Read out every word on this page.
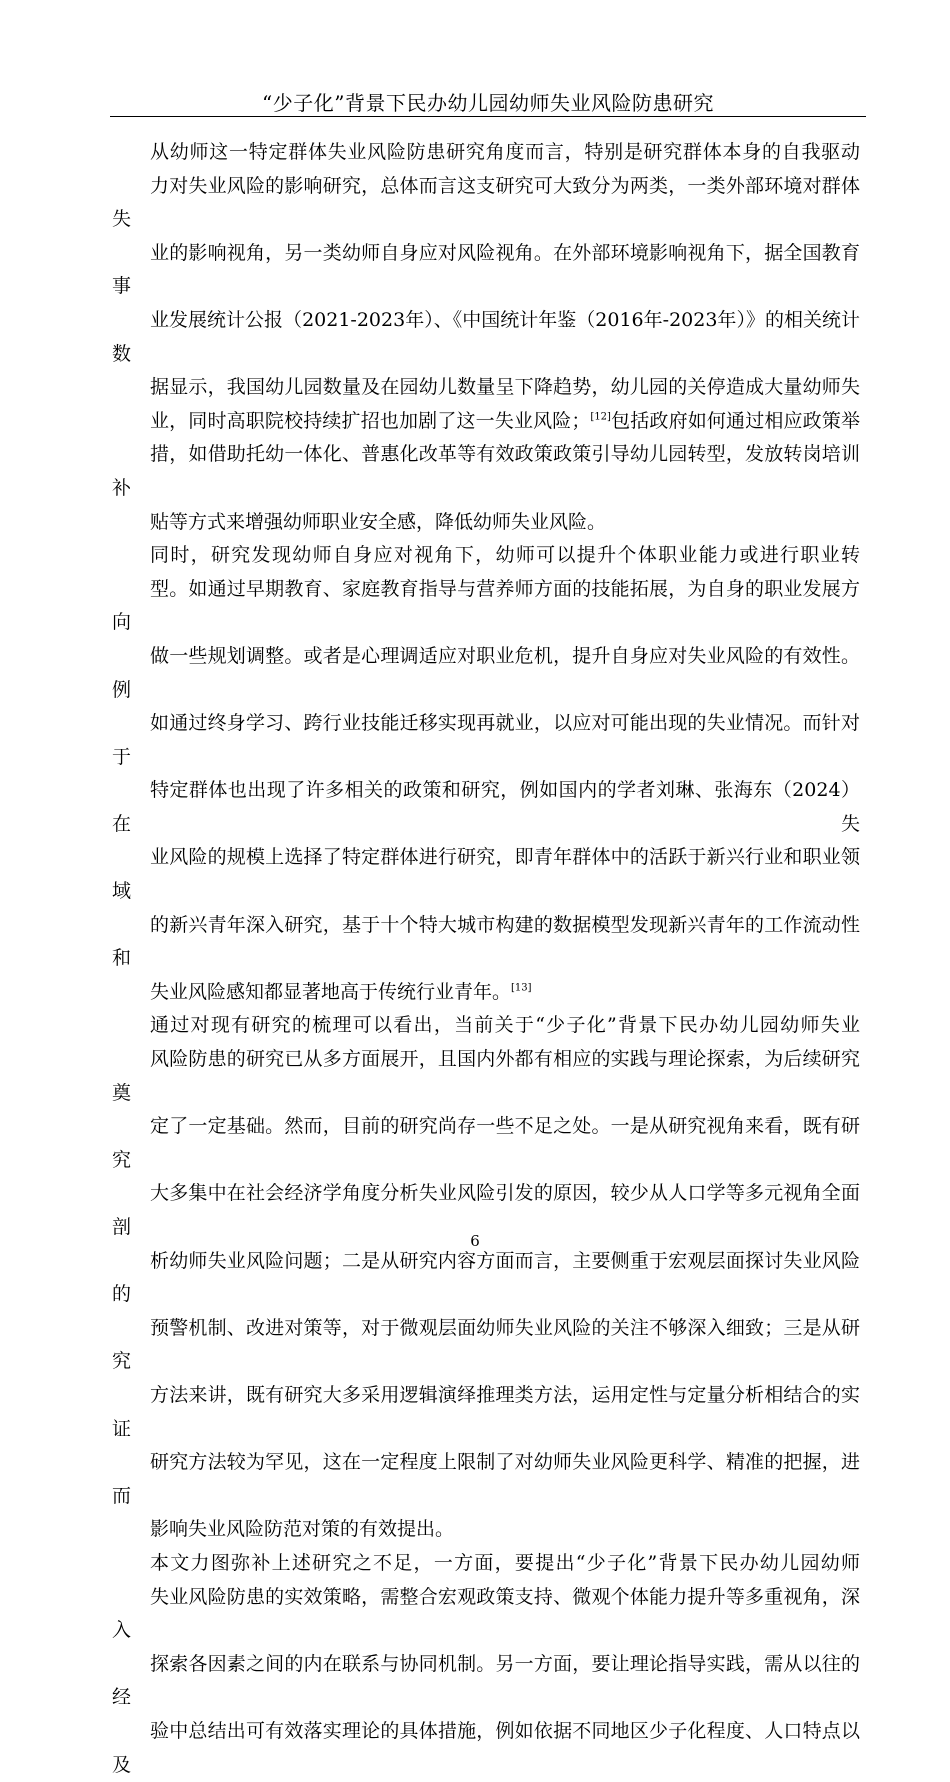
“少子化”背景下民办幼儿园幼师失业风险防患研究

从幼师这一特定群体失业风险防患研究角度而言，特别是研究群体本身的自我驱动
力对失业风险的影响研究，总体而言这支研究可大致分为两类，一类外部环境对群体失
业的影响视角，另一类幼师自身应对风险视角。在外部环境影响视角下，据全国教育事
业发展统计公报（2021-2023年）、《中国统计年鉴（2016年-2023年）》的相关统计数
据显示，我国幼儿园数量及在园幼儿数量呈下降趋势，幼儿园的关停造成大量幼师失
业，同时高职院校持续扩招也加剧了这一失业风险；[12]包括政府如何通过相应政策举
措，如借助托幼一体化、普惠化改革等有效政策政策引导幼儿园转型，发放转岗培训补
贴等方式来增强幼师职业安全感，降低幼师失业风险。

同时，研究发现幼师自身应对视角下，幼师可以提升个体职业能力或进行职业转
型。如通过早期教育、家庭教育指导与营养师方面的技能拓展，为自身的职业发展方向
做一些规划调整。或者是心理调适应对职业危机，提升自身应对失业风险的有效性。例
如通过终身学习、跨行业技能迁移实现再就业，以应对可能出现的失业情况。而针对于
特定群体也出现了许多相关的政策和研究，例如国内的学者刘琳、张海东（2024）在失
业风险的规模上选择了特定群体进行研究，即青年群体中的活跃于新兴行业和职业领域
的新兴青年深入研究，基于十个特大城市构建的数据模型发现新兴青年的工作流动性和
失业风险感知都显著地高于传统行业青年。[13]

通过对现有研究的梳理可以看出，当前关于“少子化”背景下民办幼儿园幼师失业
风险防患的研究已从多方面展开，且国内外都有相应的实践与理论探索，为后续研究奠
定了一定基础。然而，目前的研究尚存一些不足之处。一是从研究视角来看，既有研究
大多集中在社会经济学角度分析失业风险引发的原因，较少从人口学等多元视角全面剖
析幼师失业风险问题；二是从研究内容方面而言，主要侧重于宏观层面探讨失业风险的
预警机制、改进对策等，对于微观层面幼师失业风险的关注不够深入细致；三是从研究
方法来讲，既有研究大多采用逻辑演绎推理类方法，运用定性与定量分析相结合的实证
研究方法较为罕见，这在一定程度上限制了对幼师失业风险更科学、精准的把握，进而
影响失业风险防范对策的有效提出。

本文力图弥补上述研究之不足，一方面，要提出“少子化”背景下民办幼儿园幼师
失业风险防患的实效策略，需整合宏观政策支持、微观个体能力提升等多重视角，深入
探索各因素之间的内在联系与协同机制。另一方面，要让理论指导实践，需从以往的经
验中总结出可有效落实理论的具体措施，例如依据不同地区少子化程度、人口特点以及

6
